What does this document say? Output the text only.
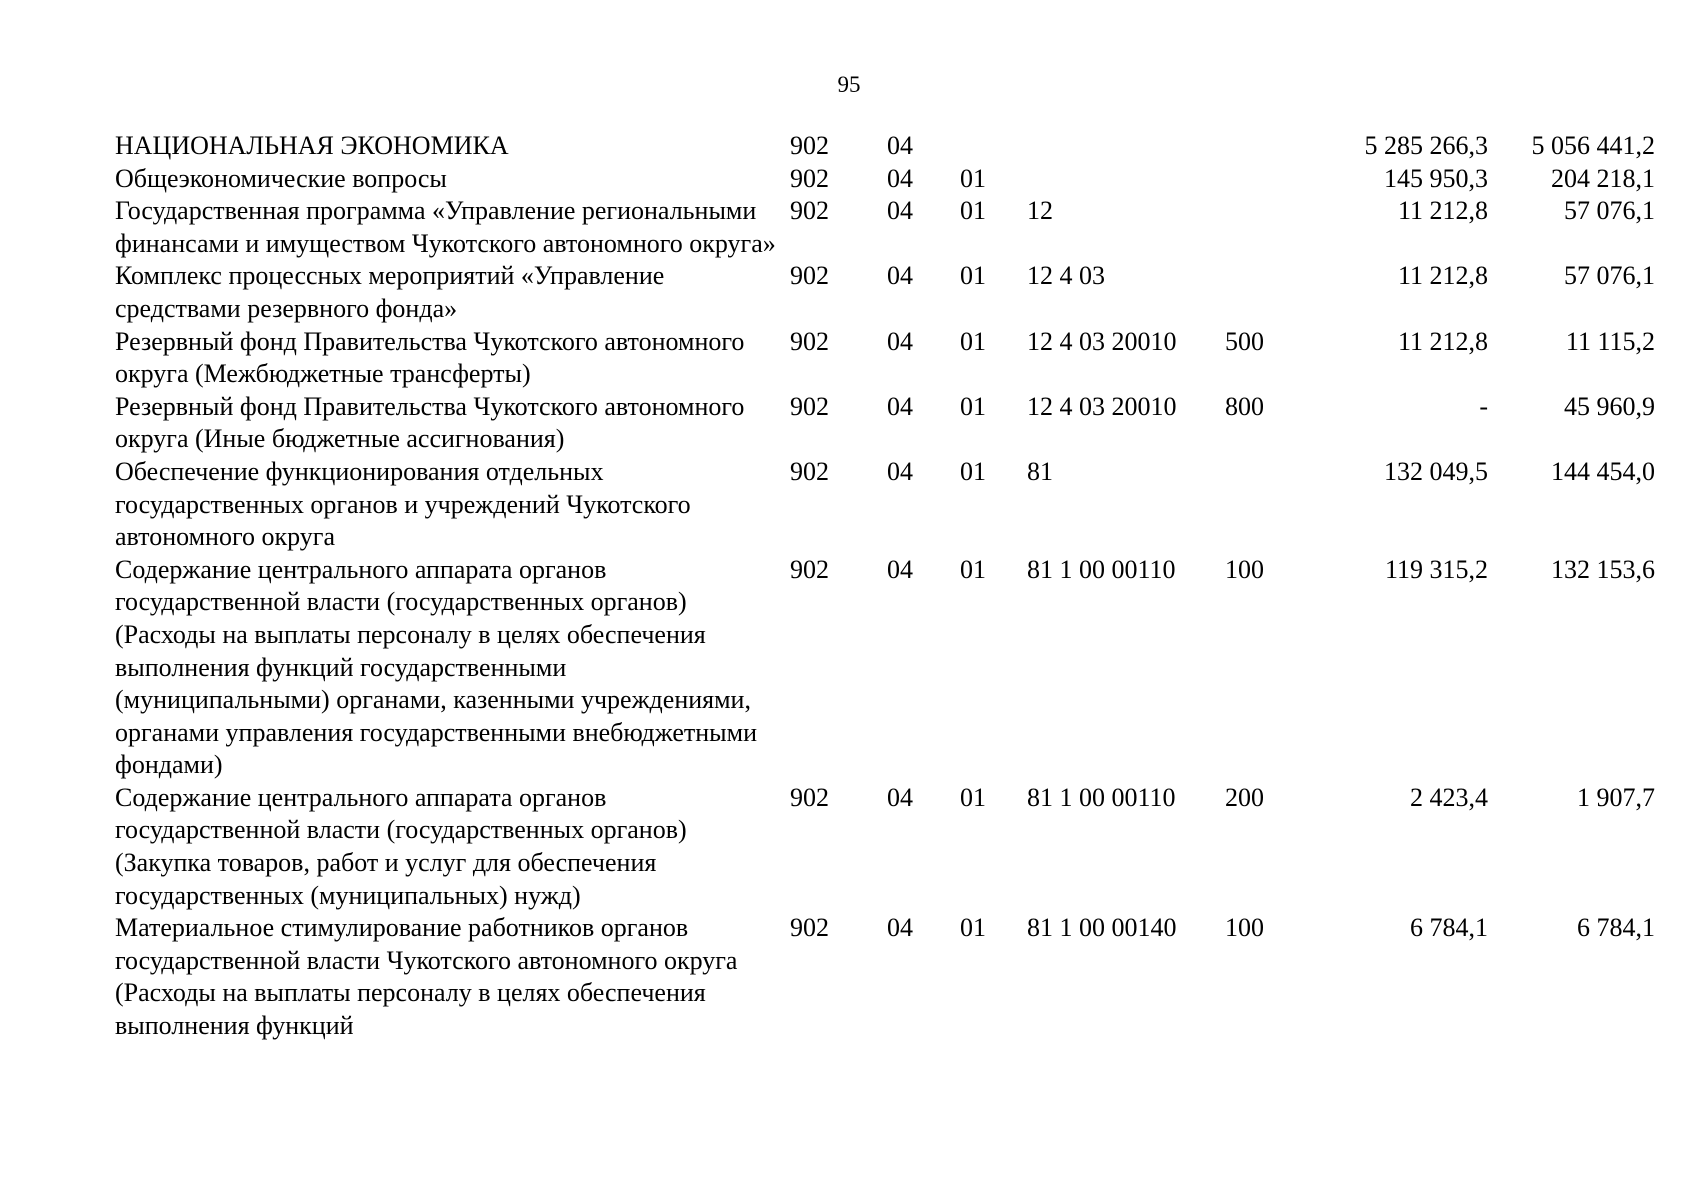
95
НАЦИОНАЛЬНАЯ ЭКОНОМИКА	902	04				5 285 266,3	5 056 441,2
Общеэкономические вопросы	902	04	01			145 950,3	204 218,1
Государственная программа «Управление региональными финансами и имуществом Чукотского автономного округа»	902	04	01	12		11 212,8	57 076,1
Комплекс процессных мероприятий «Управление средствами резервного фонда»	902	04	01	12 4 03		11 212,8	57 076,1
Резервный фонд Правительства Чукотского автономного округа (Межбюджетные трансферты)	902	04	01	12 4 03 20010	500	11 212,8	11 115,2
Резервный фонд Правительства Чукотского автономного округа (Иные бюджетные ассигнования)	902	04	01	12 4 03 20010	800	-	45 960,9
Обеспечение функционирования отдельных государственных органов и учреждений Чукотского автономного округа	902	04	01	81		132 049,5	144 454,0
Содержание центрального аппарата органов государственной власти (государственных органов) (Расходы на выплаты персоналу в целях обеспечения выполнения функций государственными (муниципальными) органами, казенными учреждениями, органами управления государственными внебюджетными фондами)	902	04	01	81 1 00 00110	100	119 315,2	132 153,6
Содержание центрального аппарата органов государственной власти (государственных органов) (Закупка товаров, работ и услуг для обеспечения государственных (муниципальных) нужд)	902	04	01	81 1 00 00110	200	2 423,4	1 907,7
Материальное стимулирование работников органов государственной власти Чукотского автономного округа (Расходы на выплаты персоналу в целях обеспечения выполнения функций	902	04	01	81 1 00 00140	100	6 784,1	6 784,1
